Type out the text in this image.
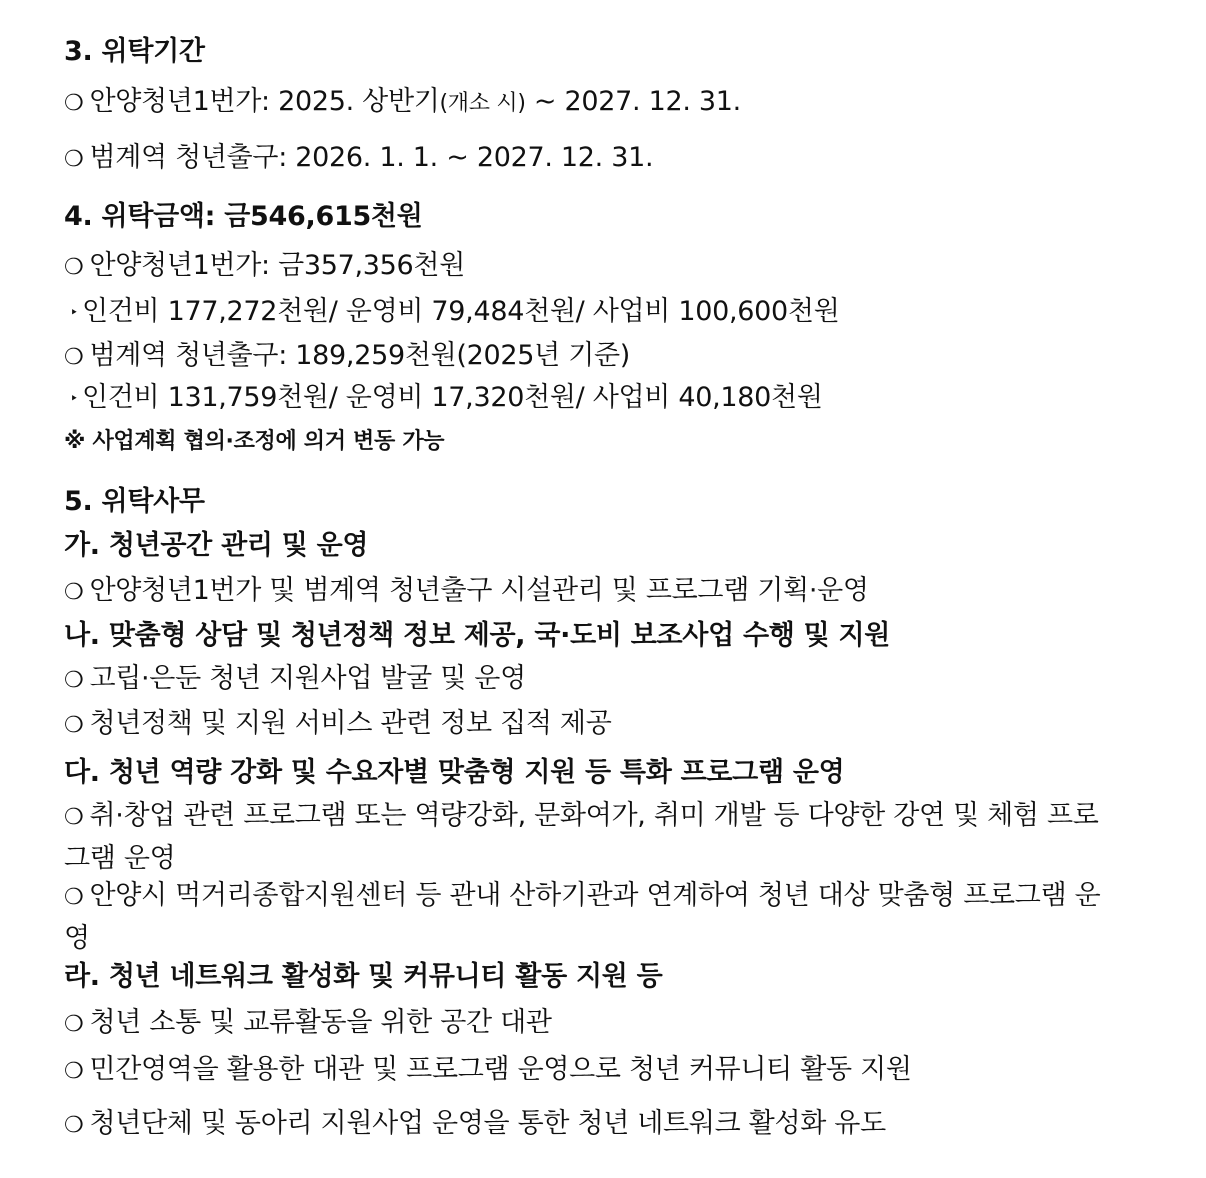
3. 위탁기간
❍ 안양청년1번가: 2025. 상반기(개소 시) ~ 2027. 12. 31.
❍ 범계역 청년출구: 2026. 1. 1. ~ 2027. 12. 31.
4. 위탁금액: 금546,615천원
❍ 안양청년1번가: 금357,356천원
‣ 인건비 177,272천원/ 운영비 79,484천원/ 사업비 100,600천원
❍ 범계역 청년출구: 189,259천원(2025년 기준)
‣ 인건비 131,759천원/ 운영비 17,320천원/ 사업비 40,180천원
※ 사업계획 협의·조정에 의거 변동 가능
5. 위탁사무
가. 청년공간 관리 및 운영
❍ 안양청년1번가 및 범계역 청년출구 시설관리 및 프로그램 기획·운영
나. 맞춤형 상담 및 청년정책 정보 제공, 국·도비 보조사업 수행 및 지원
❍ 고립·은둔 청년 지원사업 발굴 및 운영
❍ 청년정책 및 지원 서비스 관련 정보 집적 제공
다. 청년 역량 강화 및 수요자별 맞춤형 지원 등 특화 프로그램 운영
❍ 취·창업 관련 프로그램 또는 역량강화, 문화여가, 취미 개발 등 다양한 강연 및 체험 프로그램 운영
❍ 안양시 먹거리종합지원센터 등 관내 산하기관과 연계하여 청년 대상 맞춤형 프로그램 운영
라. 청년 네트워크 활성화 및 커뮤니티 활동 지원 등
❍ 청년 소통 및 교류활동을 위한 공간 대관
❍ 민간영역을 활용한 대관 및 프로그램 운영으로 청년 커뮤니티 활동 지원
❍ 청년단체 및 동아리 지원사업 운영을 통한 청년 네트워크 활성화 유도
